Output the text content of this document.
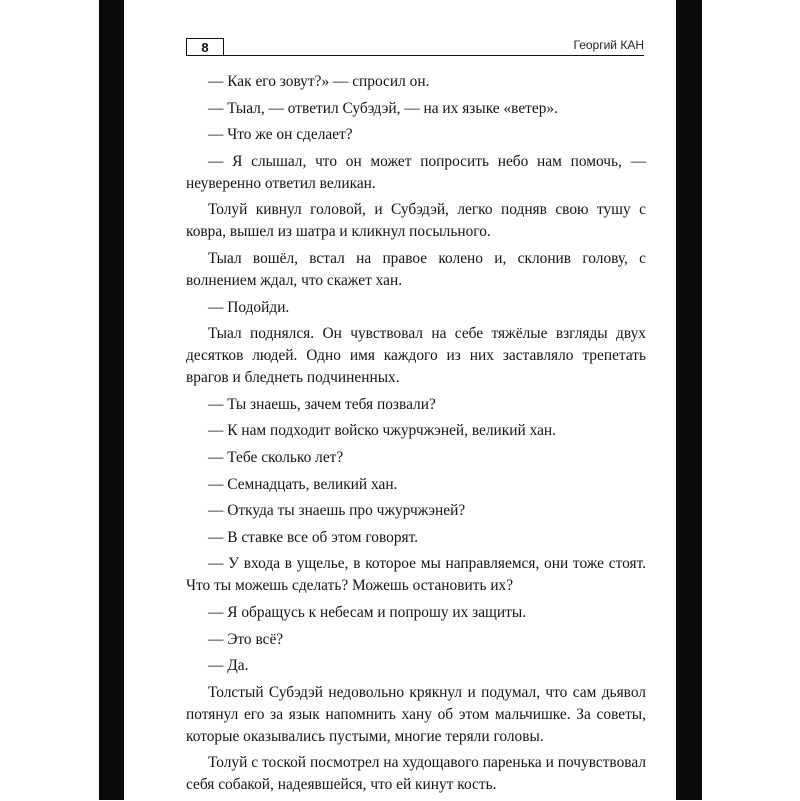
8	Георгий КАН

— Как его зовут?» — спросил он.

— Тыал, — ответил Субэдэй, — на их языке «ветер».

— Что же он сделает?

— Я слышал, что он может попросить небо нам помочь, — неуверенно ответил великан.

Толуй кивнул головой, и Субэдэй, легко подняв свою тушу с ковра, вышел из шатра и кликнул посыльного.

Тыал вошёл, встал на правое колено и, склонив голову, с волнением ждал, что скажет хан.

— Подойди.

Тыал поднялся. Он чувствовал на себе тяжёлые взгляды двух десятков людей. Одно имя каждого из них заставляло трепетать врагов и бледнеть подчиненных.

— Ты знаешь, зачем тебя позвали?

— К нам подходит войско чжурчжэней, великий хан.

— Тебе сколько лет?

— Семнадцать, великий хан.

— Откуда ты знаешь про чжурчжэней?

— В ставке все об этом говорят.

— У входа в ущелье, в которое мы направляемся, они тоже стоят. Что ты можешь сделать? Можешь остановить их?

— Я обращусь к небесам и попрошу их защиты.

— Это всё?

— Да.

Толстый Субэдэй недовольно крякнул и подумал, что сам дьявол потянул его за язык напомнить хану об этом мальчишке. За советы, которые оказывались пустыми, многие теряли головы.

Толуй с тоской посмотрел на худощавого паренька и почувствовал себя собакой, надеявшейся, что ей кинут кость.
